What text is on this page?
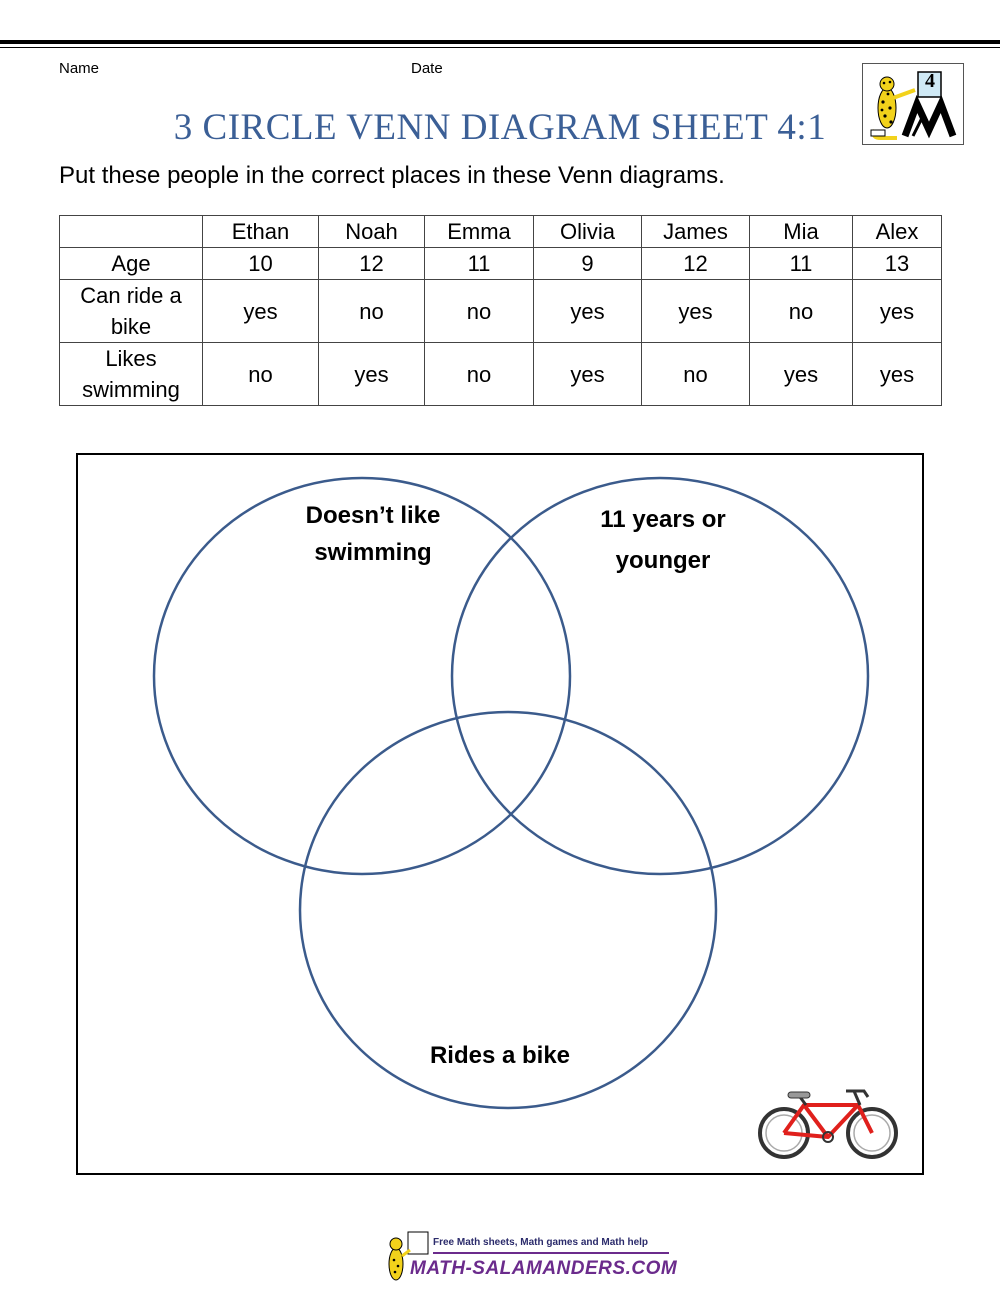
Name	Date
3 CIRCLE VENN DIAGRAM SHEET 4:1
4
Put these people in the correct places in these Venn diagrams.
	Ethan	Noah	Emma	Olivia	James	Mia	Alex
Age	10	12	11	9	12	11	13
Can ride a
bike	yes	no	no	yes	yes	no	yes
Likes
swimming	no	yes	no	yes	no	yes	yes
Doesn’t like
swimming
11 years or
younger
Rides a bike
Free Math sheets, Math games and Math help
MATH-SALAMANDERS.COM
